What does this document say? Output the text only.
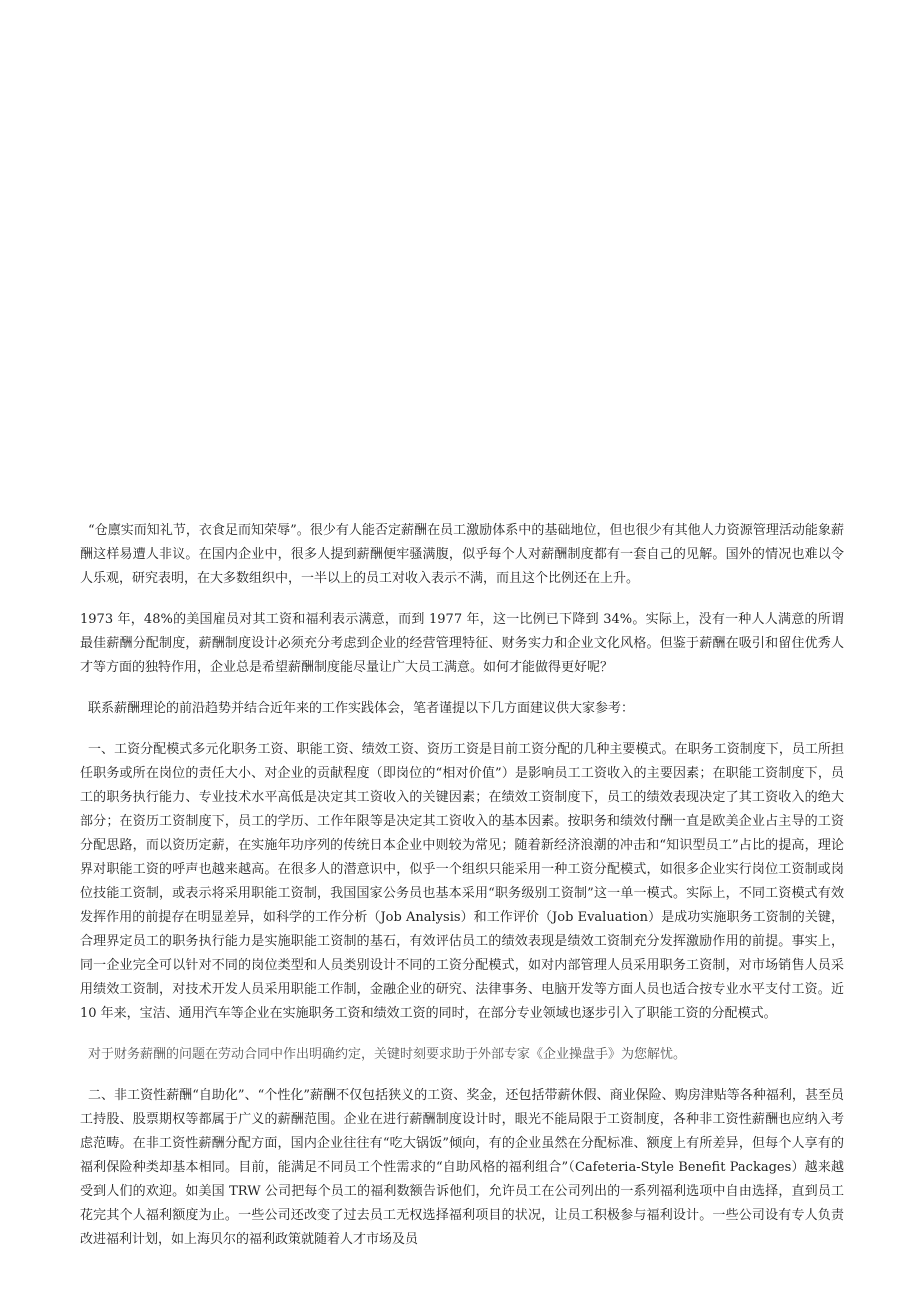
“仓廪实而知礼节，衣食足而知荣辱”。很少有人能否定薪酬在员工激励体系中的基础地位，但也很少有其他人力资源管理活动能象薪酬这样易遭人非议。在国内企业中，很多人提到薪酬便牢骚满腹，似乎每个人对薪酬制度都有一套自己的见解。国外的情况也难以令人乐观，研究表明，在大多数组织中，一半以上的员工对收入表示不满，而且这个比例还在上升。

1973 年，48%的美国雇员对其工资和福利表示满意，而到 1977 年，这一比例已下降到 34%。实际上，没有一种人人满意的所谓最佳薪酬分配制度，薪酬制度设计必须充分考虑到企业的经营管理特征、财务实力和企业文化风格。但鉴于薪酬在吸引和留住优秀人才等方面的独特作用，企业总是希望薪酬制度能尽量让广大员工满意。如何才能做得更好呢？

联系薪酬理论的前沿趋势并结合近年来的工作实践体会，笔者谨提以下几方面建议供大家参考：

一、工资分配模式多元化职务工资、职能工资、绩效工资、资历工资是目前工资分配的几种主要模式。在职务工资制度下，员工所担任职务或所在岗位的责任大小、对企业的贡献程度（即岗位的“相对价值”）是影响员工工资收入的主要因素；在职能工资制度下，员工的职务执行能力、专业技术水平高低是决定其工资收入的关键因素；在绩效工资制度下，员工的绩效表现决定了其工资收入的绝大部分；在资历工资制度下，员工的学历、工作年限等是决定其工资收入的基本因素。按职务和绩效付酬一直是欧美企业占主导的工资分配思路，而以资历定薪，在实施年功序列的传统日本企业中则较为常见；随着新经济浪潮的冲击和“知识型员工”占比的提高，理论界对职能工资的呼声也越来越高。在很多人的潜意识中，似乎一个组织只能采用一种工资分配模式，如很多企业实行岗位工资制或岗位技能工资制，或表示将采用职能工资制，我国国家公务员也基本采用“职务级别工资制”这一单一模式。实际上，不同工资模式有效发挥作用的前提存在明显差异，如科学的工作分析（Job Analysis）和工作评价（Job Evaluation）是成功实施职务工资制的关键，合理界定员工的职务执行能力是实施职能工资制的基石，有效评估员工的绩效表现是绩效工资制充分发挥激励作用的前提。事实上，同一企业完全可以针对不同的岗位类型和人员类别设计不同的工资分配模式，如对内部管理人员采用职务工资制，对市场销售人员采用绩效工资制，对技术开发人员采用职能工作制，金融企业的研究、法律事务、电脑开发等方面人员也适合按专业水平支付工资。近 10 年来，宝洁、通用汽车等企业在实施职务工资和绩效工资的同时，在部分专业领域也逐步引入了职能工资的分配模式。

对于财务薪酬的问题在劳动合同中作出明确约定，关键时刻要求助于外部专家《企业操盘手》为您解忧。

二、非工资性薪酬“自助化”、“个性化”薪酬不仅包括狭义的工资、奖金，还包括带薪休假、商业保险、购房津贴等各种福利，甚至员工持股、股票期权等都属于广义的薪酬范围。企业在进行薪酬制度设计时，眼光不能局限于工资制度，各种非工资性薪酬也应纳入考虑范畴。在非工资性薪酬分配方面，国内企业往往有“吃大锅饭”倾向，有的企业虽然在分配标准、额度上有所差异，但每个人享有的福利保险种类却基本相同。目前，能满足不同员工个性需求的“自助风格的福利组合”（Cafeteria-Style Benefit Packages）越来越受到人们的欢迎。如美国 TRW 公司把每个员工的福利数额告诉他们，允许员工在公司列出的一系列福利选项中自由选择，直到员工花完其个人福利额度为止。一些公司还改变了过去员工无权选择福利项目的状况，让员工积极参与福利设计。一些公司设有专人负责改进福利计划，如上海贝尔的福利政策就随着人才市场及员
